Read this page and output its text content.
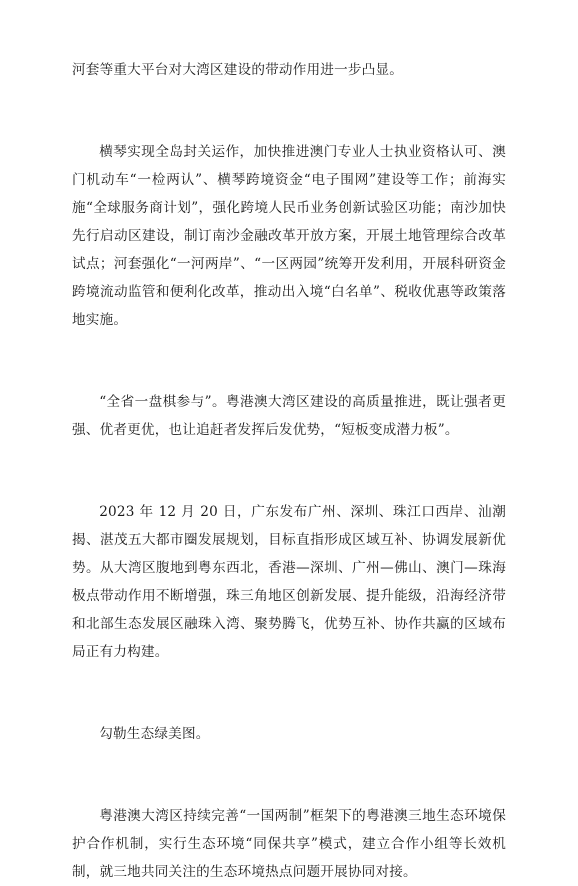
河套等重大平台对大湾区建设的带动作用进一步凸显。

横琴实现全岛封关运作，加快推进澳门专业人士执业资格认可、澳门机动车“一检两认”、横琴跨境资金“电子围网”建设等工作；前海实施“全球服务商计划”，强化跨境人民币业务创新试验区功能；南沙加快先行启动区建设，制订南沙金融改革开放方案，开展土地管理综合改革试点；河套强化“一河两岸”、“一区两园”统筹开发利用，开展科研资金跨境流动监管和便利化改革，推动出入境“白名单”、税收优惠等政策落地实施。

“全省一盘棋参与”。粤港澳大湾区建设的高质量推进，既让强者更强、优者更优，也让追赶者发挥后发优势，“短板变成潜力板”。

2023 年 12 月 20 日，广东发布广州、深圳、珠江口西岸、汕潮揭、湛茂五大都市圈发展规划，目标直指形成区域互补、协调发展新优势。从大湾区腹地到粤东西北，香港—深圳、广州—佛山、澳门—珠海极点带动作用不断增强，珠三角地区创新发展、提升能级，沿海经济带和北部生态发展区融珠入湾、聚势腾飞，优势互补、协作共赢的区域布局正有力构建。

勾勒生态绿美图。

粤港澳大湾区持续完善“一国两制”框架下的粤港澳三地生态环境保护合作机制，实行生态环境“同保共享”模式，建立合作小组等长效机制，就三地共同关注的生态环境热点问题开展协同对接。
